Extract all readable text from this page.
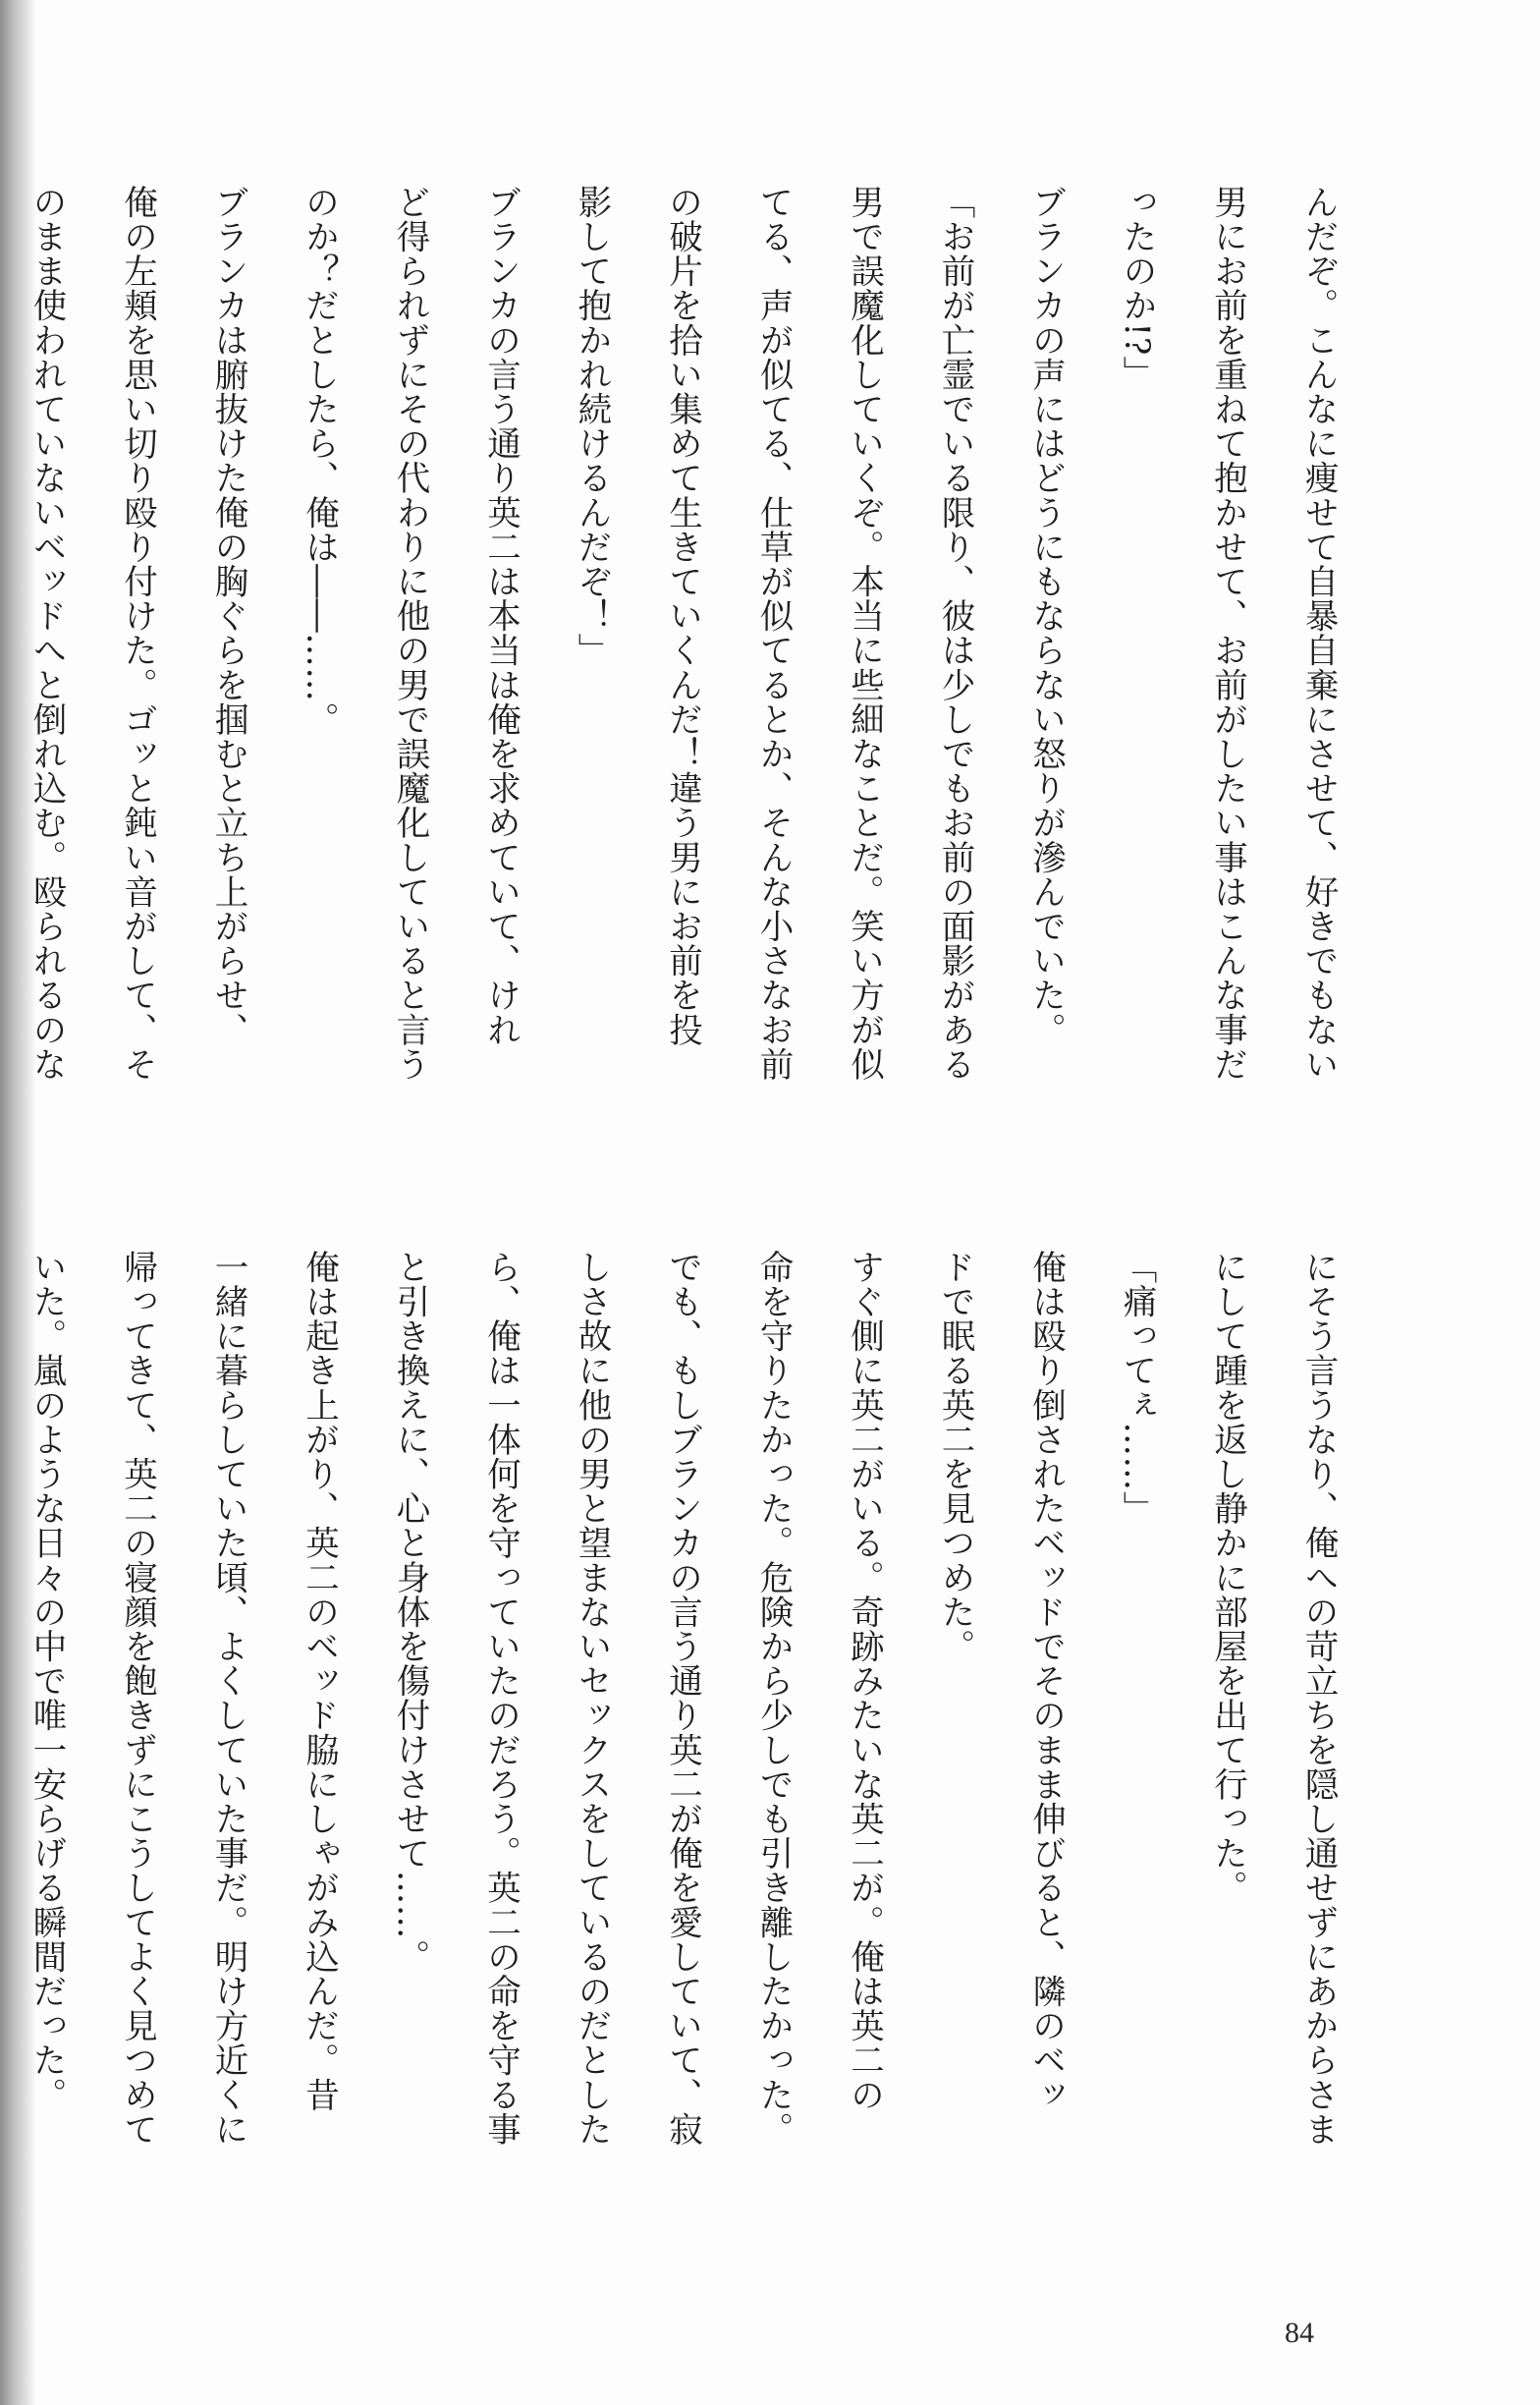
んだぞ。こんなに痩せて自暴自棄にさせて、好きでもない
男にお前を重ねて抱かせて、お前がしたい事はこんな事だ
ったのか!?」
ブランカの声にはどうにもならない怒りが滲んでいた。
「お前が亡霊でいる限り、彼は少しでもお前の面影がある
男で誤魔化していくぞ。本当に些細なことだ。笑い方が似
てる、声が似てる、仕草が似てるとか、そんな小さなお前
の破片を拾い集めて生きていくんだ！違う男にお前を投
影して抱かれ続けるんだぞ！」
ブランカの言う通り英二は本当は俺を求めていて、けれ
ど得られずにその代わりに他の男で誤魔化していると言う
のか？だとしたら、俺は――……。
ブランカは腑抜けた俺の胸ぐらを掴むと立ち上がらせ、
俺の左頬を思い切り殴り付けた。ゴッと鈍い音がして、そ
のまま使われていないベッドへと倒れ込む。殴られるのな
にそう言うなり、俺への苛立ちを隠し通せずにあからさま
にして踵を返し静かに部屋を出て行った。
「痛ってぇ……」
俺は殴り倒されたベッドでそのまま伸びると、隣のベッ
ドで眠る英二を見つめた。
すぐ側に英二がいる。奇跡みたいな英二が。俺は英二の
命を守りたかった。危険から少しでも引き離したかった。
でも、もしブランカの言う通り英二が俺を愛していて、寂
しさ故に他の男と望まないセックスをしているのだとした
ら、俺は一体何を守っていたのだろう。英二の命を守る事
と引き換えに、心と身体を傷付けさせて……。
俺は起き上がり、英二のベッド脇にしゃがみ込んだ。昔
一緒に暮らしていた頃、よくしていた事だ。明け方近くに
帰ってきて、英二の寝顔を飽きずにこうしてよく見つめて
いた。嵐のような日々の中で唯一安らげる瞬間だった。
84
